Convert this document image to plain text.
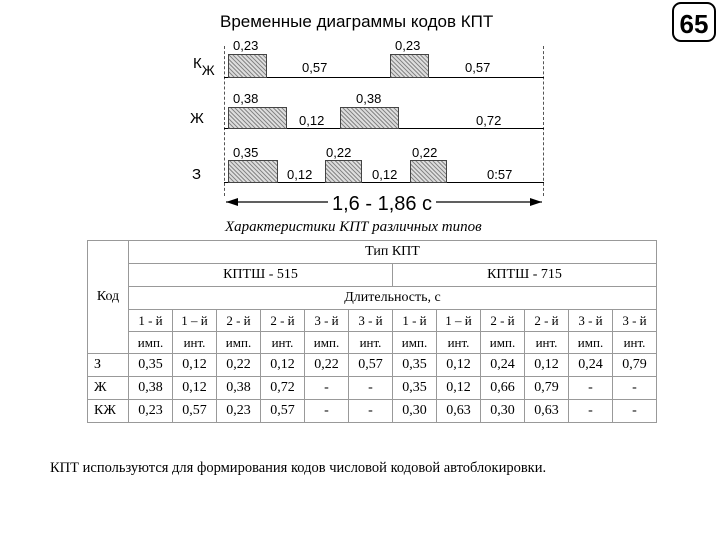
65
Временные диаграммы кодов КПТ
КЖ
0,23
0,57
0,23
0,57
Ж
0,38
0,12
0,38
0,72
З
0,35
0,12
0,22
0,12
0,22
0:57
1,6 - 1,86 с
Характеристики КПТ различных типов
Код	Тип КПТ											
	КПТШ - 515						КПТШ - 715					
	Длительность, с											
	1 - й	1 – й	2 - й	2 - й	3 - й	3 - й	1 - й	1 – й	2 - й	2 - й	3 - й	3 - й
	имп.	инт.	имп.	инт.	имп.	инт.	имп.	инт.	имп.	инт.	имп.	инт.
З	0,35	0,12	0,22	0,12	0,22	0,57	0,35	0,12	0,24	0,12	0,24	0,79
Ж	0,38	0,12	0,38	0,72	-	-	0,35	0,12	0,66	0,79	-	-
КЖ	0,23	0,57	0,23	0,57	-	-	0,30	0,63	0,30	0,63	-	-
КПТ используются для формирования кодов числовой кодовой автоблокировки.
